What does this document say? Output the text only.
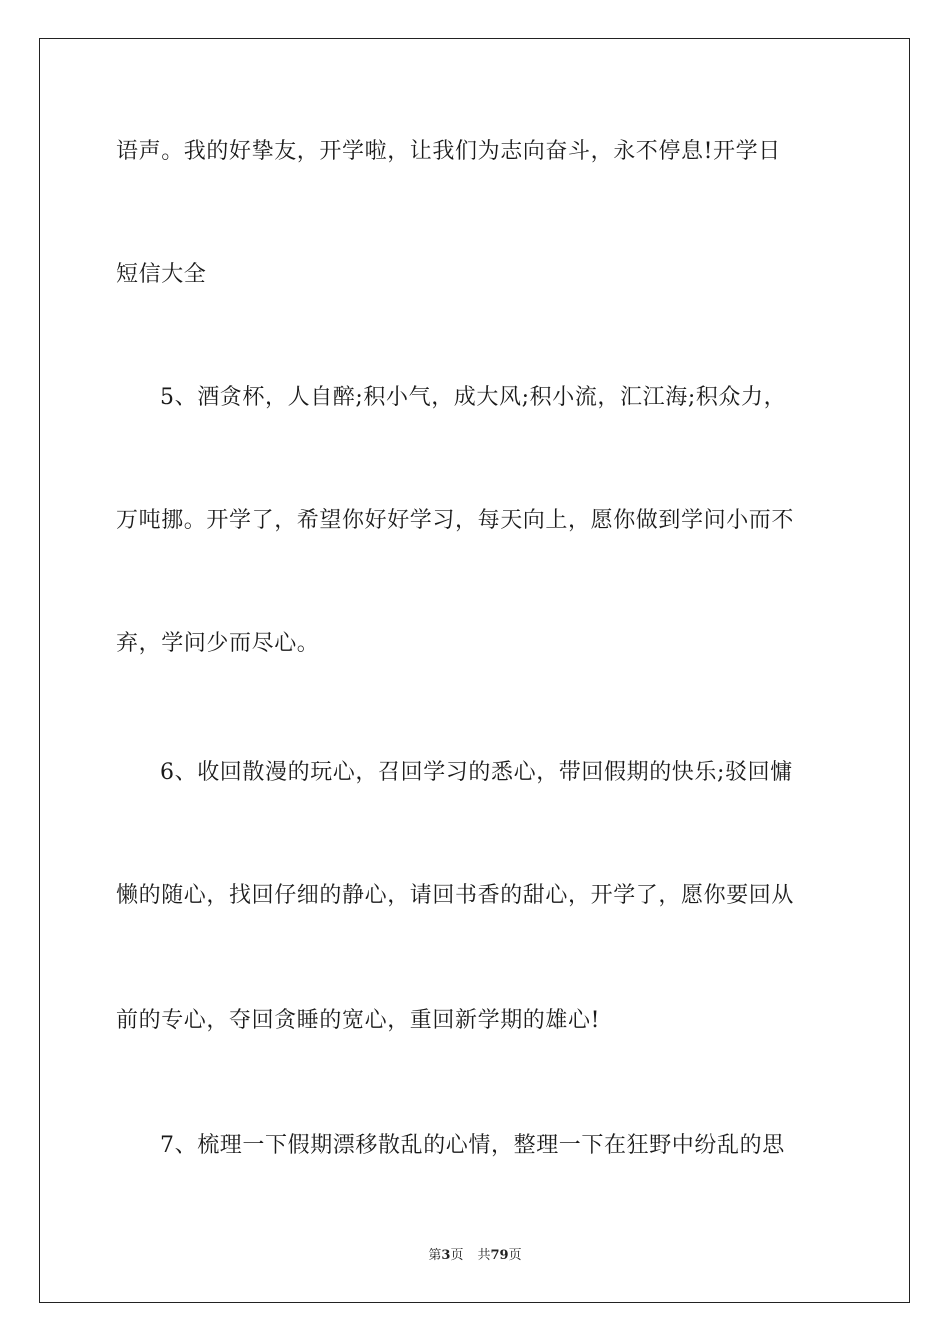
语声。我的好挚友，开学啦，让我们为志向奋斗，永不停息!开学日
短信大全
5、酒贪杯，人自醉;积小气，成大风;积小流，汇江海;积众力，
万吨挪。开学了，希望你好好学习，每天向上，愿你做到学问小而不
弃，学问少而尽心。
6、收回散漫的玩心，召回学习的悉心，带回假期的快乐;驳回慵
懒的随心，找回仔细的静心，请回书香的甜心，开学了，愿你要回从
前的专心，夺回贪睡的宽心，重回新学期的雄心!
7、梳理一下假期漂移散乱的心情，整理一下在狂野中纷乱的思
第3页 共79页
